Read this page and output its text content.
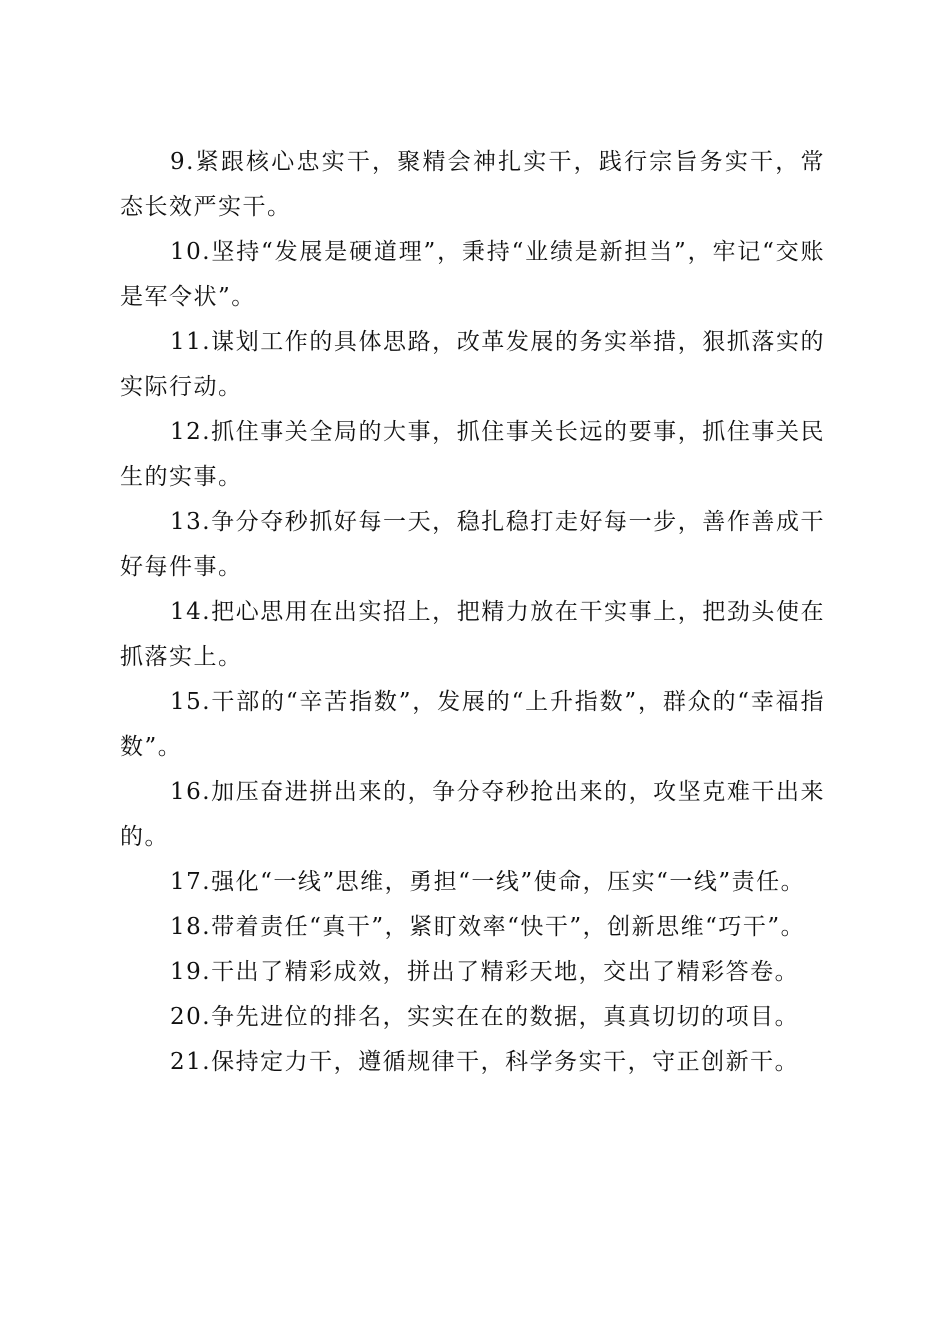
9.紧跟核心忠实干，聚精会神扎实干，践行宗旨务实干，常态长效严实干。

10.坚持“发展是硬道理”，秉持“业绩是新担当”，牢记“交账是军令状”。

11.谋划工作的具体思路，改革发展的务实举措，狠抓落实的实际行动。

12.抓住事关全局的大事，抓住事关长远的要事，抓住事关民生的实事。

13.争分夺秒抓好每一天，稳扎稳打走好每一步，善作善成干好每件事。

14.把心思用在出实招上，把精力放在干实事上，把劲头使在抓落实上。

15.干部的“辛苦指数”，发展的“上升指数”，群众的“幸福指数”。

16.加压奋进拼出来的，争分夺秒抢出来的，攻坚克难干出来的。

17.强化“一线”思维，勇担“一线”使命，压实“一线”责任。

18.带着责任“真干”，紧盯效率“快干”，创新思维“巧干”。

19.干出了精彩成效，拼出了精彩天地，交出了精彩答卷。

20.争先进位的排名，实实在在的数据，真真切切的项目。

21.保持定力干，遵循规律干，科学务实干，守正创新干。
